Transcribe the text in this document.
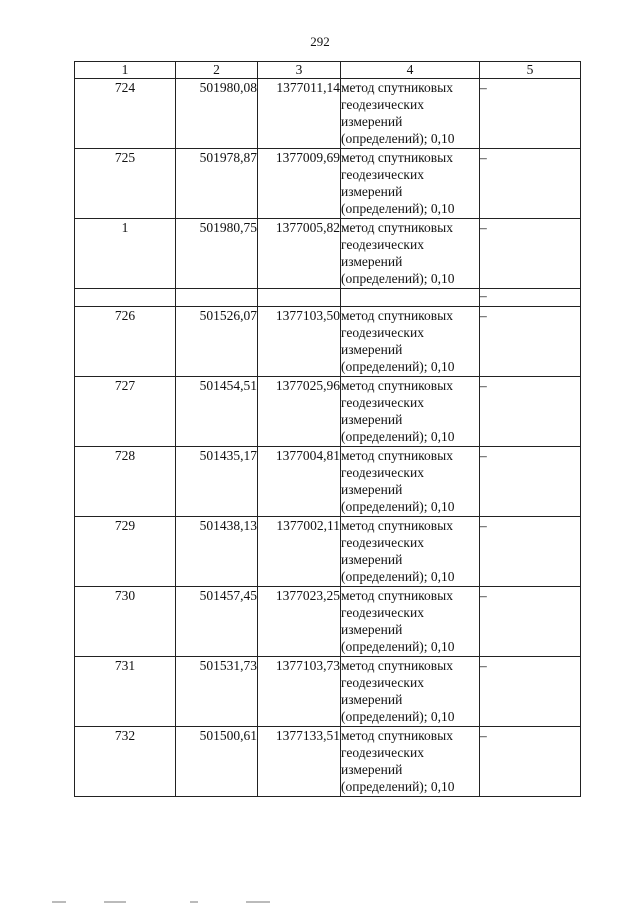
292
1	2	3	4	5
724	501980,08	1377011,14	метод спутниковых геодезических измерений (определений); 0,10	–
725	501978,87	1377009,69	метод спутниковых геодезических измерений (определений); 0,10	–
1	501980,75	1377005,82	метод спутниковых геодезических измерений (определений); 0,10	–
				–
726	501526,07	1377103,50	метод спутниковых геодезических измерений (определений); 0,10	–
727	501454,51	1377025,96	метод спутниковых геодезических измерений (определений); 0,10	–
728	501435,17	1377004,81	метод спутниковых геодезических измерений (определений); 0,10	–
729	501438,13	1377002,11	метод спутниковых геодезических измерений (определений); 0,10	–
730	501457,45	1377023,25	метод спутниковых геодезических измерений (определений); 0,10	–
731	501531,73	1377103,73	метод спутниковых геодезических измерений (определений); 0,10	–
732	501500,61	1377133,51	метод спутниковых геодезических измерений (определений); 0,10	–
